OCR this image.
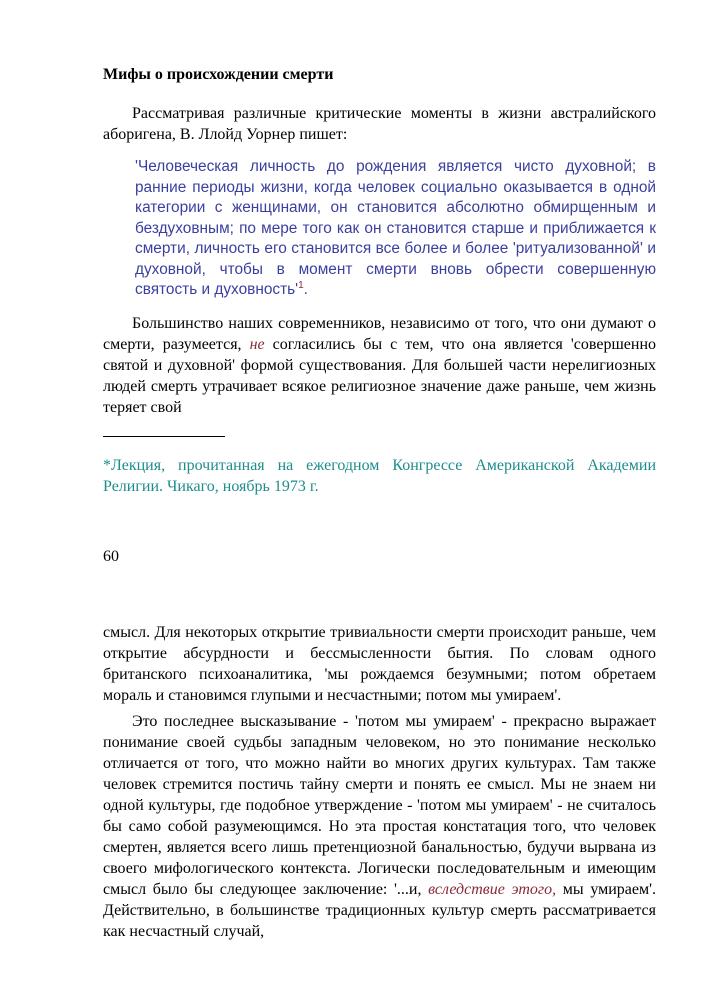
Мифы о происхождении смерти

Рассматривая различные критические моменты в жизни австралийского аборигена, В. Ллойд Уорнер пишет:

'Человеческая личность до рождения является чисто духовной; в ранние периоды жизни, когда человек социально оказывается в одной категории с женщинами, он становится абсолютно обмирщенным и бездуховным; по мере того как он становится старше и приближается к смерти, личность его становится все более и более 'ритуализованной' и духовной, чтобы в момент смерти вновь обрести совершенную святость и $духовность'^1$.

Большинство наших современников, независимо от того, что они думают о смерти, разумеется, не согласились бы с тем, что она является 'совершенно святой и духовной' формой существования. Для большей части нерелигиозных людей смерть утрачивает всякое религиозное значение даже раньше, чем жизнь теряет свой

*Лекция, прочитанная на ежегодном Конгрессе Американской Академии Религии. Чикаго, ноябрь 1973 г.

60

смысл. Для некоторых открытие тривиальности смерти происходит раньше, чем открытие абсурдности и бессмысленности бытия. По словам одного британского психоаналитика, 'мы рождаемся безумными; потом обретаем мораль и становимся глупыми и несчастными; потом мы умираем'.

Это последнее высказывание - 'потом мы умираем' - прекрасно выражает понимание своей судьбы западным человеком, но это понимание несколько отличается от того, что можно найти во многих других культурах. Там также человек стремится постичь тайну смерти и понять ее смысл. Мы не знаем ни одной культуры, где подобное утверждение - 'потом мы умираем' - не считалось бы само собой разумеющимся. Но эта простая констатация того, что человек смертен, является всего лишь претенциозной банальностью, будучи вырвана из своего мифологического контекста. Логически последовательным и имеющим смысл было бы следующее заключение: '...и, вследствие этого, мы умираем'. Действительно, в большинстве традиционных культур смерть рассматривается как несчастный случай,
